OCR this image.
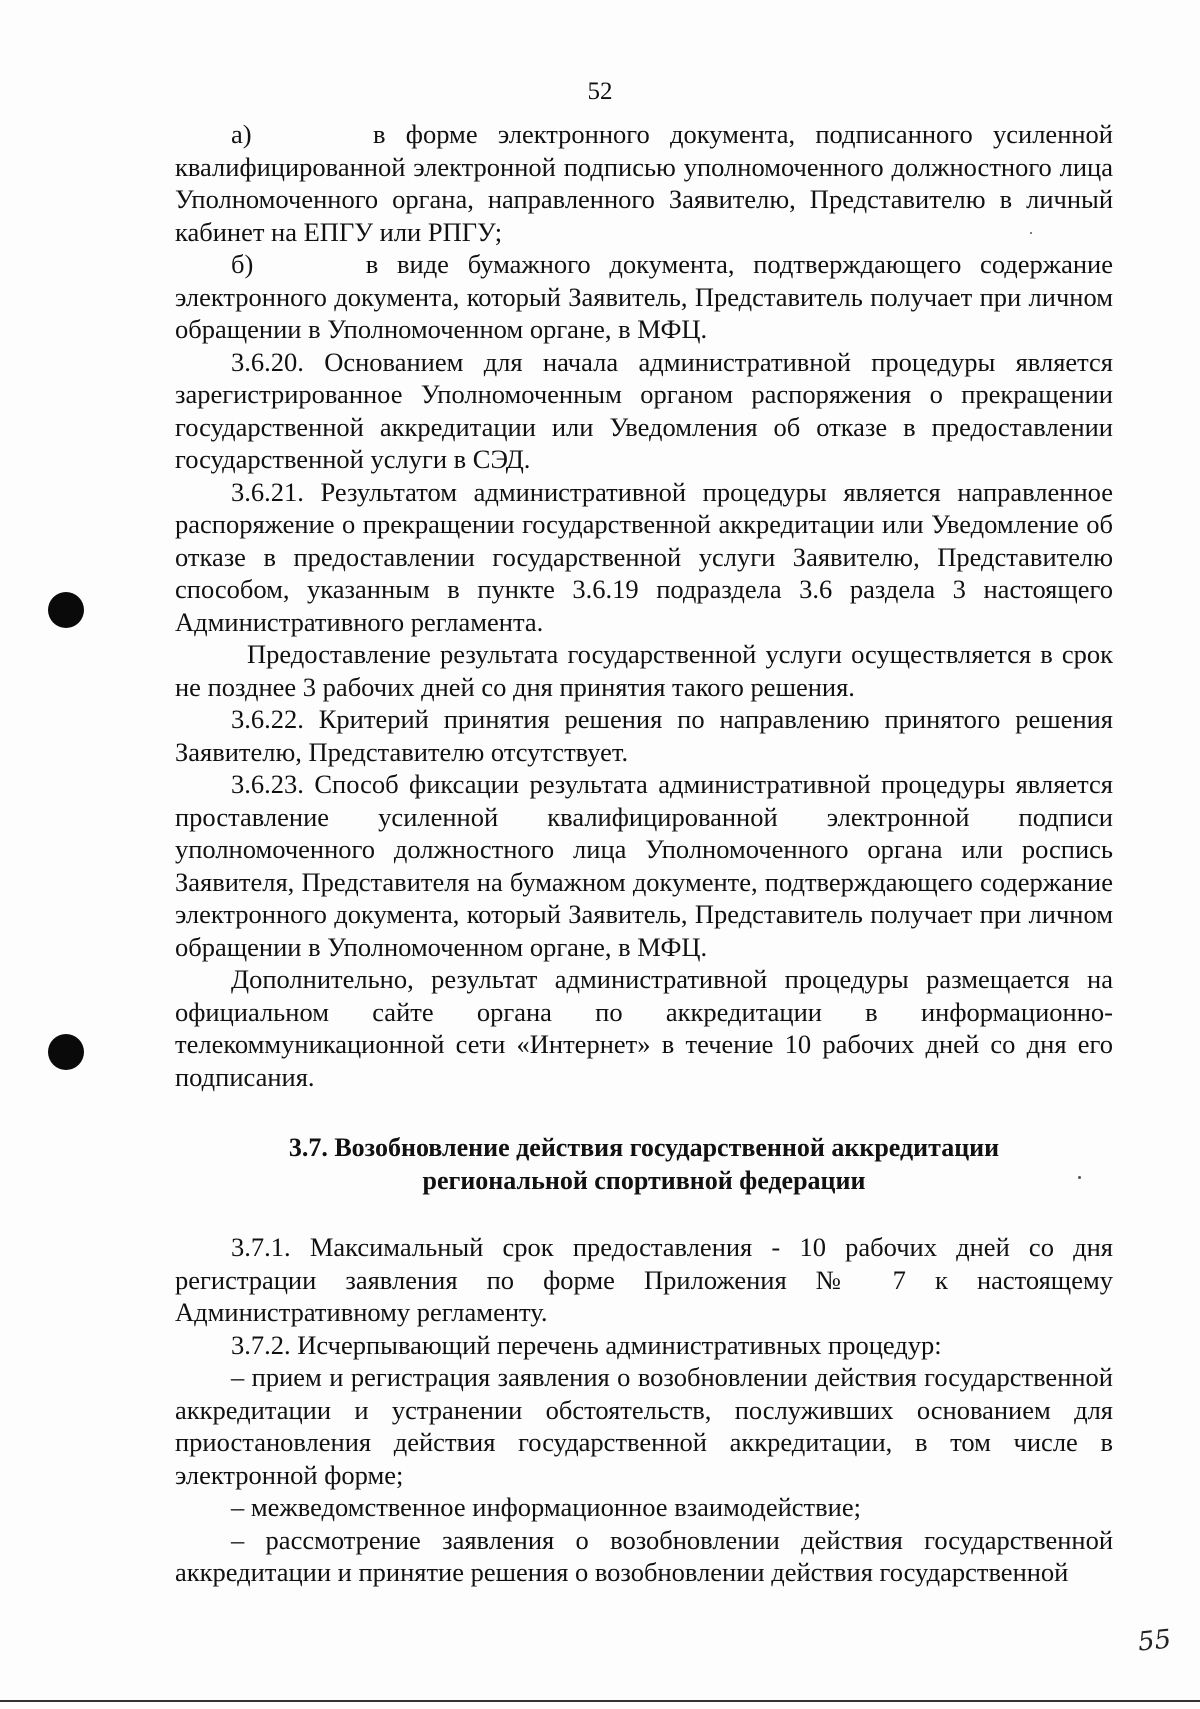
52

а)      в форме электронного документа, подписанного усиленной квалифицированной электронной подписью уполномоченного должностного лица Уполномоченного органа, направленного Заявителю, Представителю в личный кабинет на ЕПГУ или РПГУ;

б)      в виде бумажного документа, подтверждающего содержание электронного документа, который Заявитель, Представитель получает при личном обращении в Уполномоченном органе, в МФЦ.

3.6.20. Основанием для начала административной процедуры является зарегистрированное Уполномоченным органом распоряжения о прекращении государственной аккредитации или Уведомления об отказе в предоставлении государственной услуги в СЭД.

3.6.21. Результатом административной процедуры является направленное распоряжение о прекращении государственной аккредитации или Уведомление об отказе в предоставлении государственной услуги Заявителю, Представителю способом, указанным в пункте 3.6.19 подраздела 3.6 раздела 3 настоящего Административного регламента.

Предоставление результата государственной услуги осуществляется в срок не позднее 3 рабочих дней со дня принятия такого решения.

3.6.22. Критерий принятия решения по направлению принятого решения Заявителю, Представителю отсутствует.

3.6.23. Способ фиксации результата административной процедуры является проставление усиленной квалифицированной электронной подписи уполномоченного должностного лица Уполномоченного органа или роспись Заявителя, Представителя на бумажном документе, подтверждающего содержание электронного документа, который Заявитель, Представитель получает при личном обращении в Уполномоченном органе, в МФЦ.

Дополнительно, результат административной процедуры размещается на официальном сайте органа по аккредитации в информационно-телекоммуникационной сети «Интернет» в течение 10 рабочих дней со дня его подписания.

3.7. Возобновление действия государственной аккредитации
региональной спортивной федерации

3.7.1. Максимальный срок предоставления - 10 рабочих дней со дня регистрации заявления по форме Приложения № 7 к настоящему Административному регламенту.

3.7.2. Исчерпывающий перечень административных процедур:

– прием и регистрация заявления о возобновлении действия государственной аккредитации и устранении обстоятельств, послуживших основанием для приостановления действия государственной аккредитации, в том числе в электронной форме;

– межведомственное информационное взаимодействие;

– рассмотрение заявления о возобновлении действия государственной аккредитации и принятие решения о возобновлении действия государственной

55
